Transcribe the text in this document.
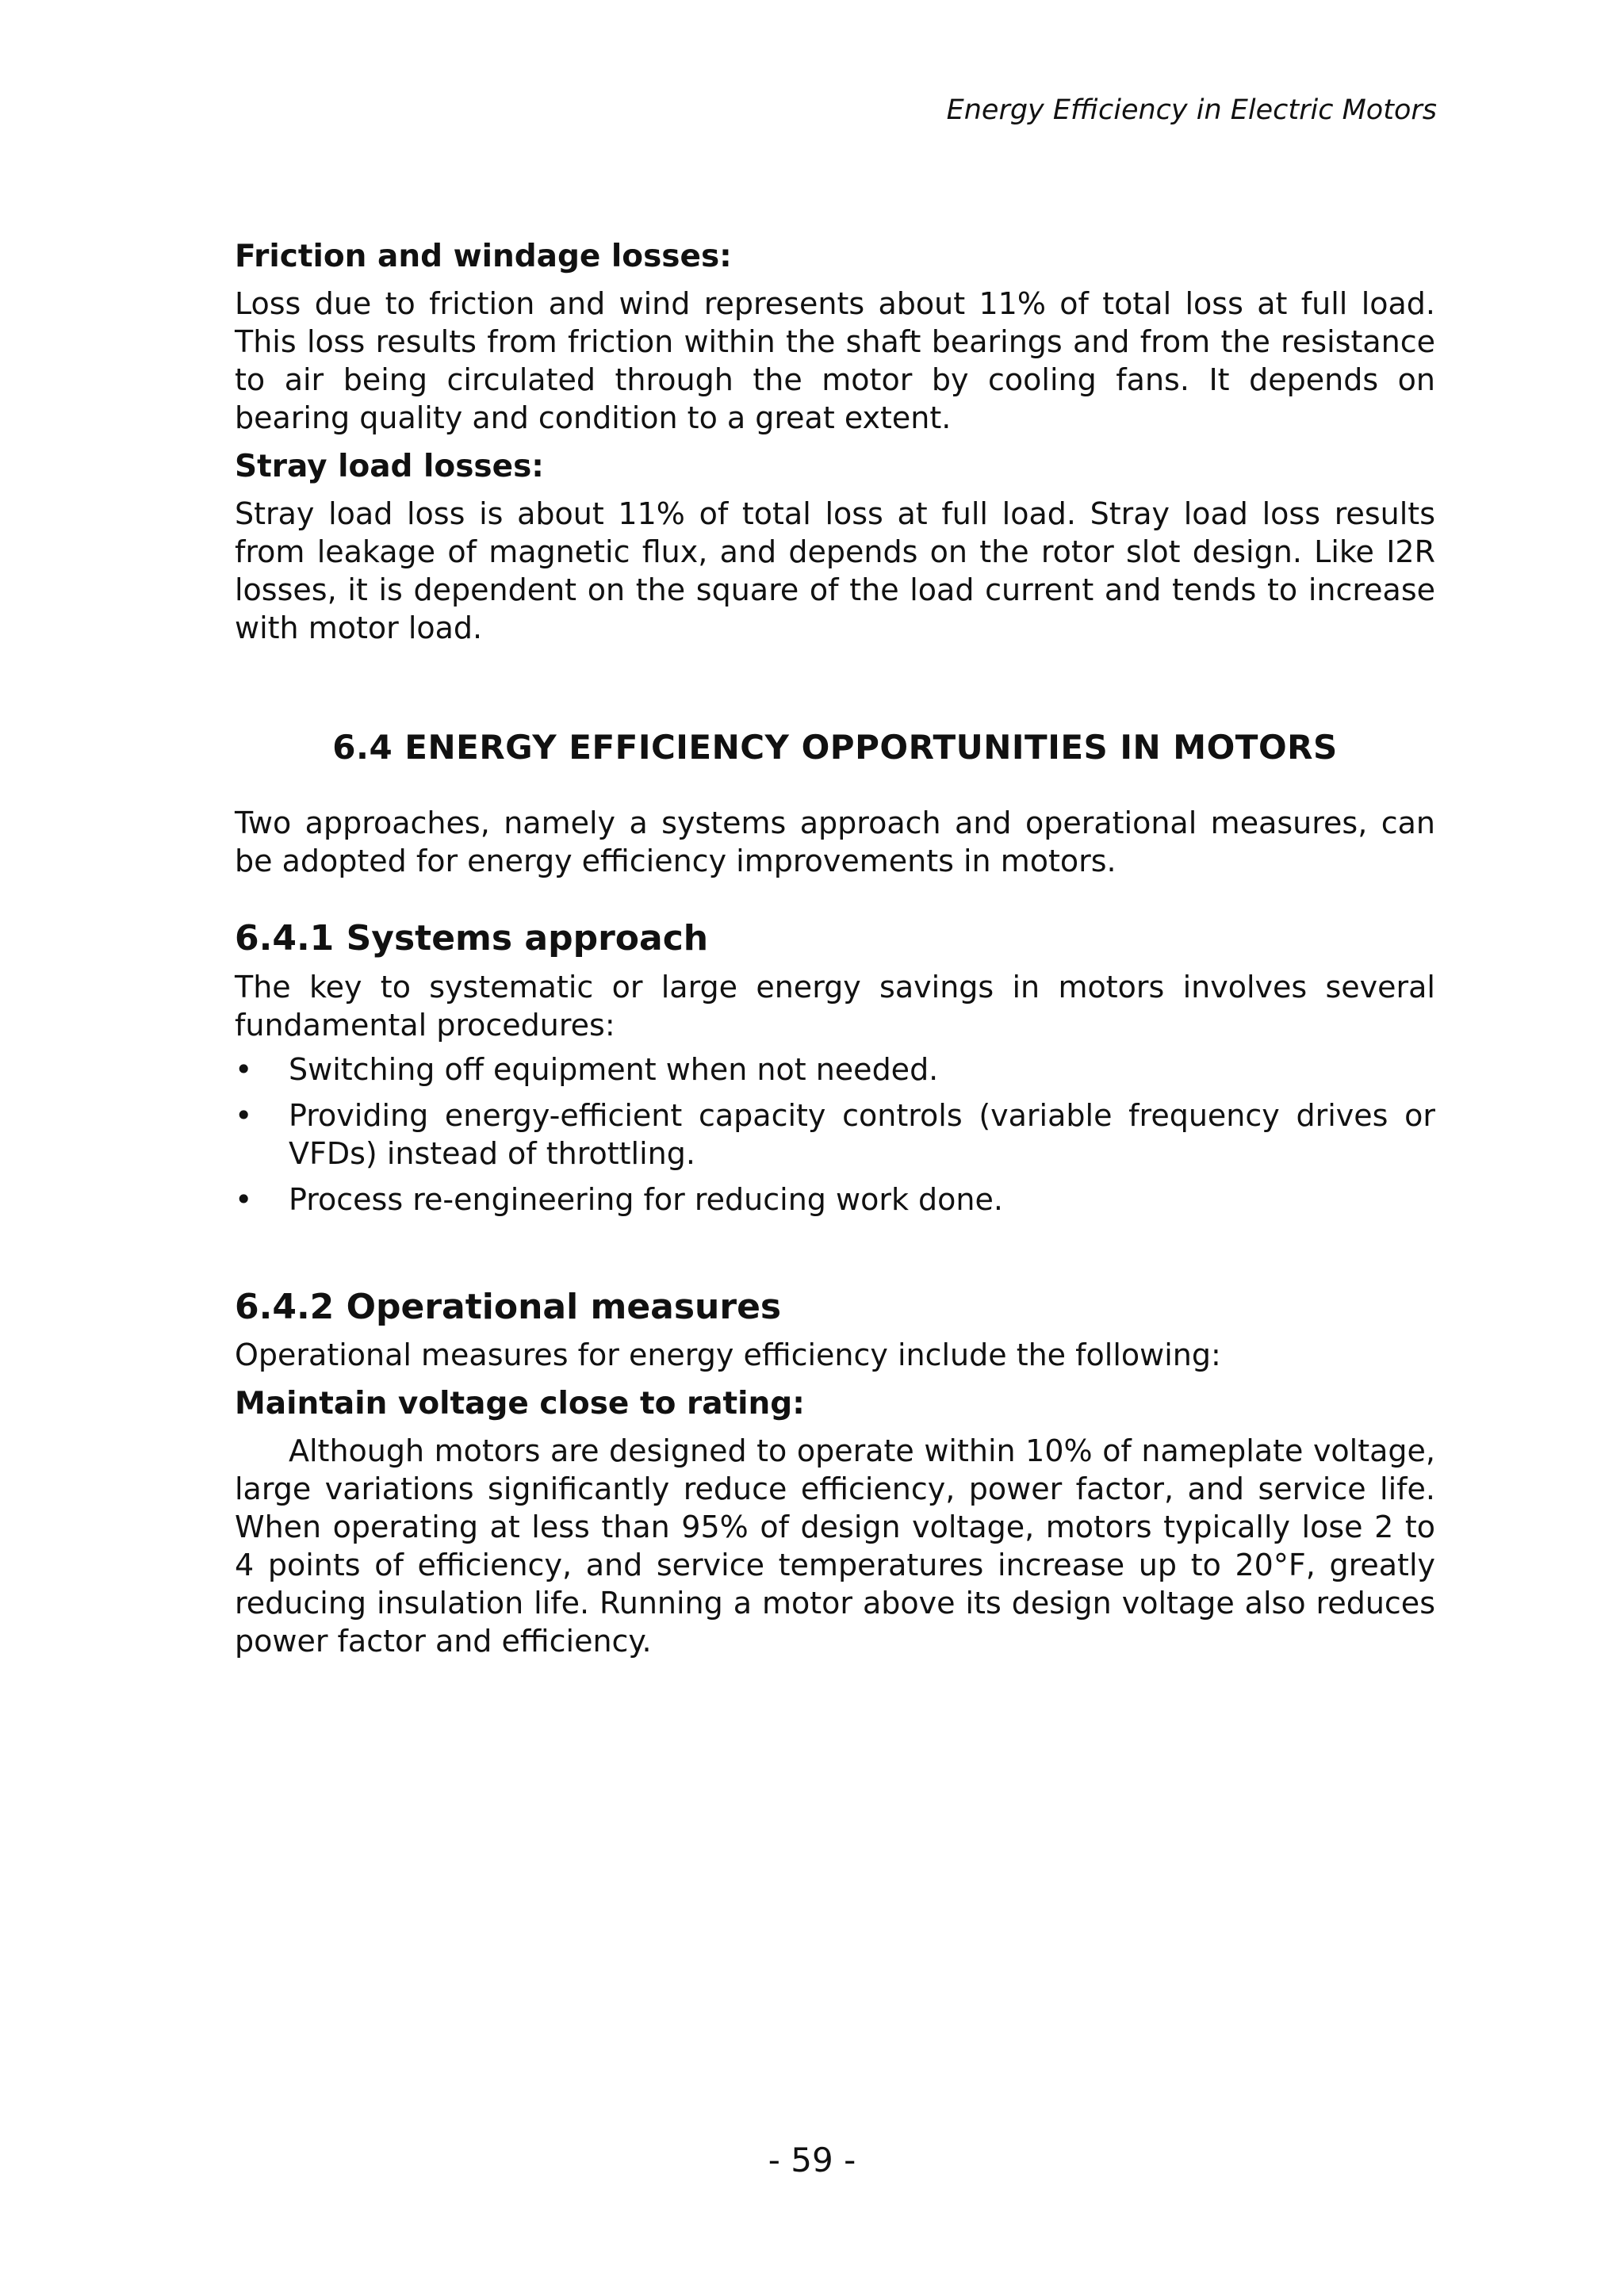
Energy Efficiency in Electric Motors
Friction and windage losses:

Loss due to friction and wind represents about 11% of total loss at full load. This loss results from friction within the shaft bearings and from the resistance to air being circulated through the motor by cooling fans. It depends on bearing quality and condition to a great extent.

Stray load losses:

Stray load loss is about 11% of total loss at full load. Stray load loss results from leakage of magnetic flux, and depends on the rotor slot design. Like I2R losses, it is dependent on the square of the load current and tends to increase with motor load.

6.4 ENERGY EFFICIENCY OPPORTUNITIES IN MOTORS

Two approaches, namely a systems approach and operational measures, can be adopted for energy efficiency improvements in motors.

6.4.1 Systems approach

The key to systematic or large energy savings in motors involves several fundamental procedures:

• Switching off equipment when not needed.
• Providing energy-efficient capacity controls (variable frequency drives or VFDs) instead of throttling.
• Process re-engineering for reducing work done.
6.4.2 Operational measures

Operational measures for energy efficiency include the following:

Maintain voltage close to rating:

Although motors are designed to operate within 10% of nameplate voltage, large variations significantly reduce efficiency, power factor, and service life. When operating at less than 95% of design voltage, motors typically lose 2 to 4 points of efficiency, and service temperatures increase up to 20°F, greatly reducing insulation life. Running a motor above its design voltage also reduces power factor and efficiency.

- 59 -
